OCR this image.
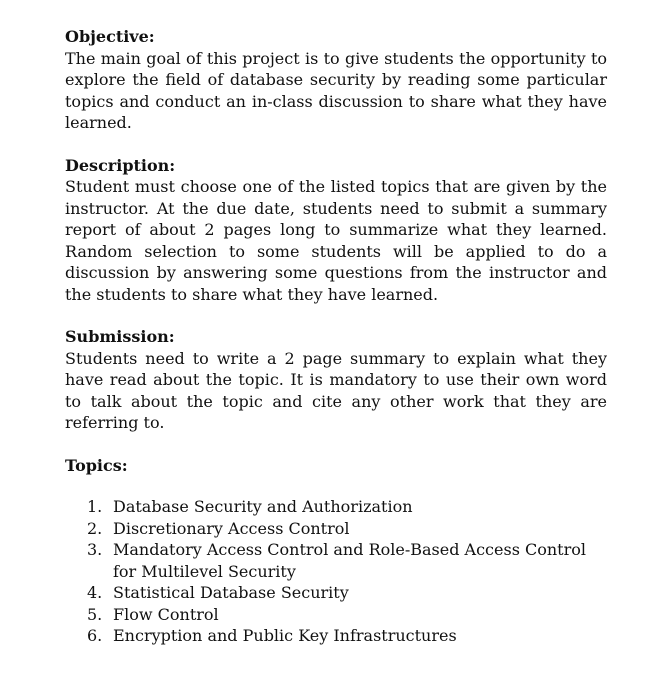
Objective:

The main goal of this project is to give students the opportunity to explore the field of database security by reading some particular topics and conduct an in-class discussion to share what they have learned.

Description:

Student must choose one of the listed topics that are given by the instructor. At the due date, students need to submit a summary report of about 2 pages long to summarize what they learned. Random selection to some students will be applied to do a discussion by answering some questions from the instructor and the students to share what they have learned.

Submission:

Students need to write a 2 page summary to explain what they have read about the topic. It is mandatory to use their own word to talk about the topic and cite any other work that they are referring to.

Topics:

1. Database Security and Authorization
2. Discretionary Access Control
3. Mandatory Access Control and Role-Based Access Control for Multilevel Security
4. Statistical Database Security
5. Flow Control
6. Encryption and Public Key Infrastructures
